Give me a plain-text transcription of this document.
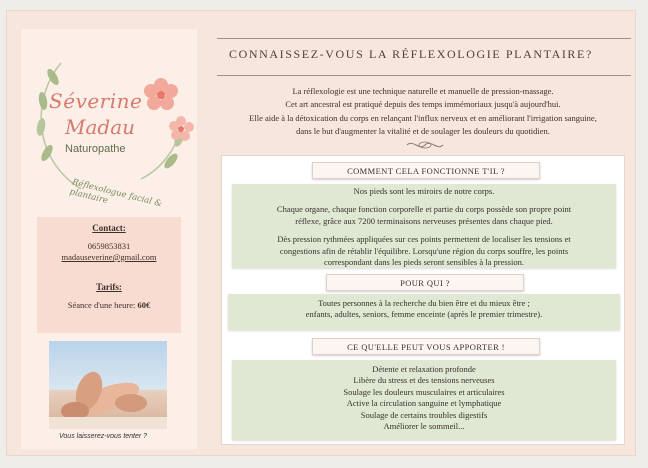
Séverine
Madau
Naturopathe
Réflexologue facial & plantaire
Contact:
0659853831
madauseverine@gmail.com
Tarifs:
Séance d'une heure: 60€
Vous laisserez-vous tenter ?
CONNAISSEZ-VOUS LA RÉFLEXOLOGIE PLANTAIRE?
La réflexologie est une technique naturelle et manuelle de pression-massage.
Cet art ancestral est pratiqué depuis des temps immémoriaux jusqu'à aujourd'hui.
Elle aide à la détoxication du corps en relançant l'influx nerveux et en améliorant l'irrigation sanguine,
dans le but d'augmenter la vitalité et de soulager les douleurs du quotidien.
COMMENT CELA FONCTIONNE T'IL ?

Nos pieds sont les miroirs de notre corps.

Chaque organe, chaque fonction corporelle et partie du corps possède son propre point

réflexe, grâce aux 7200 terminaisons nerveuses présentes dans chaque pied.

Dès pression rythmées appliquées sur ces points permettent de localiser les tensions et

congestions afin de rétablir l'équilibre. Lorsqu'une région du corps souffre, les points

correspondant dans les pieds seront sensibles à la pression.

POUR QUI ?

Toutes personnes à la recherche du bien être et du mieux être ;

enfants, adultes, seniors, femme enceinte (après le premier trimestre).

CE QU'ELLE PEUT VOUS APPORTER !

Détente et relaxation profonde

Libère du stress et des tensions nerveuses

Soulage les douleurs musculaires et articulaires

Active la circulation sanguine et lymphatique

Soulage de certains troubles digestifs

Améliorer le sommeil...
